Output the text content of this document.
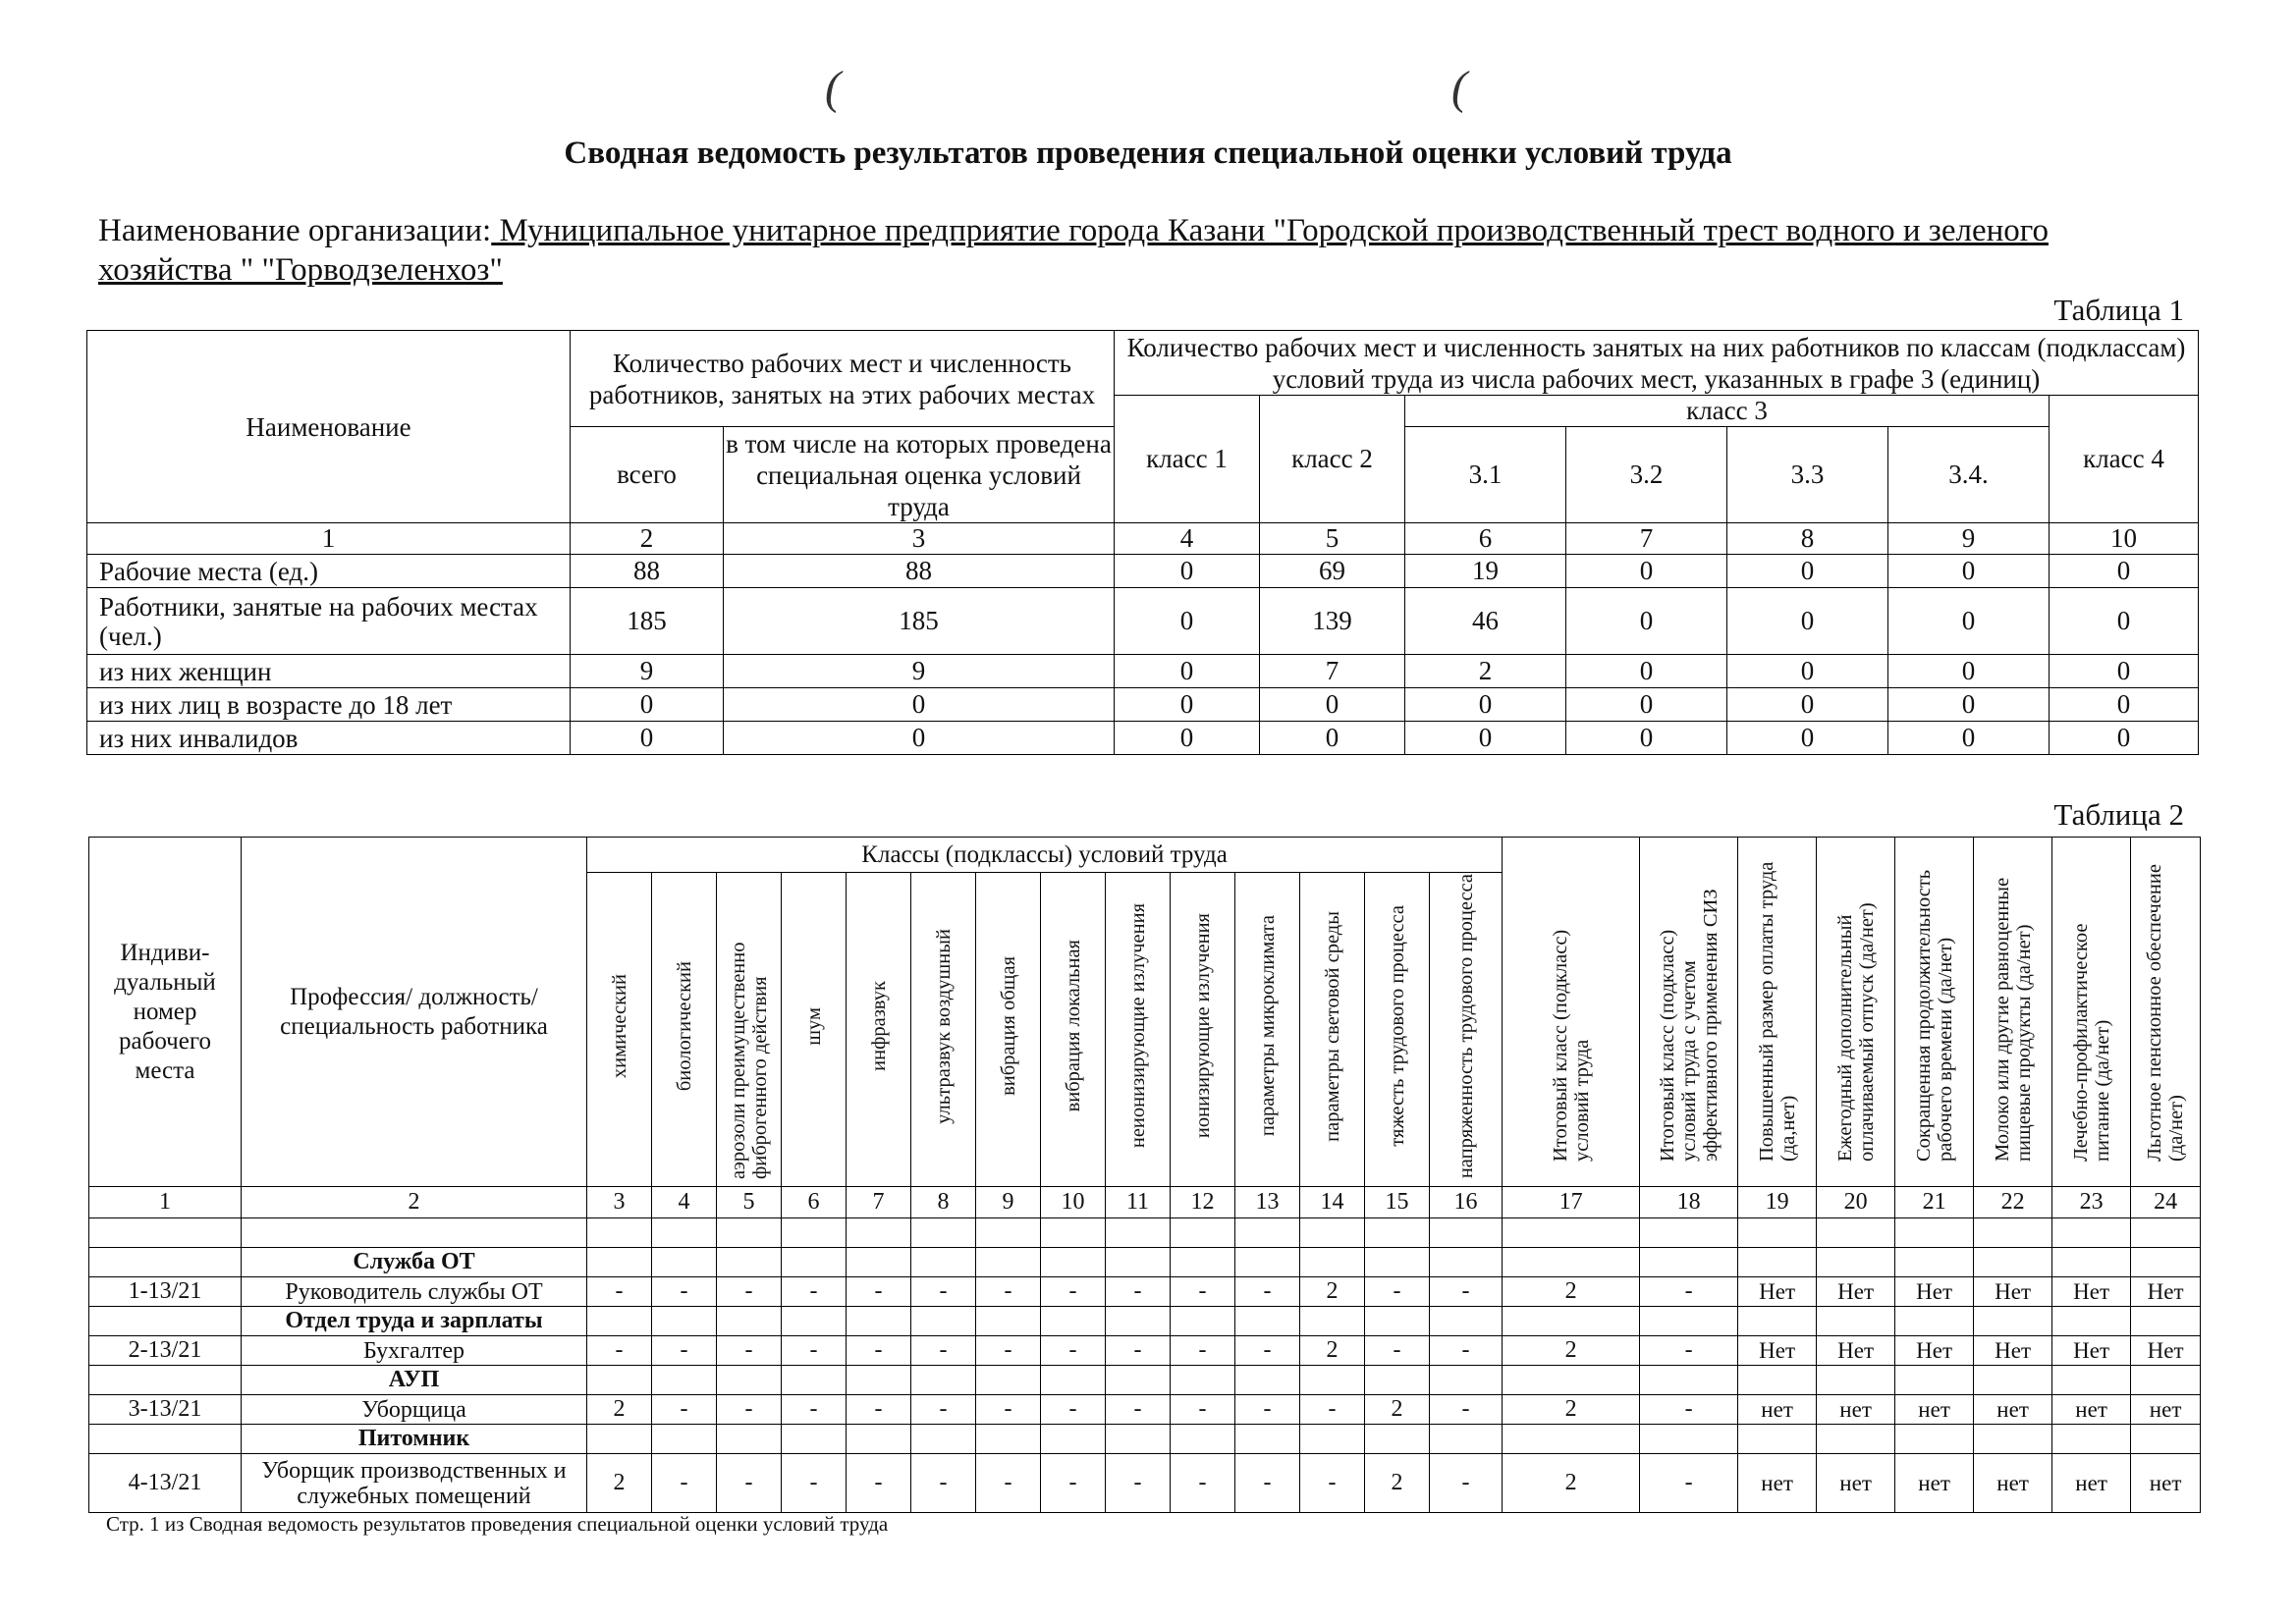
(	(
Сводная ведомость результатов проведения специальной оценки условий труда
Наименование организации: Муниципальное унитарное предприятие города Казани "Городской производственный трест водного и зеленого хозяйства " "Горводзеленхоз"
Таблица 1
Наименование	Количество рабочих мест и численность работников, занятых на этих рабочих местах		Количество рабочих мест и численность занятых на них работников по классам (подклассам) условий труда из числа рабочих мест, указанных в графе 3 (единиц)						
			класс 1	класс 2	класс 3				класс 4
	всего	в том числе на которых проведена специальная оценка условий труда			3.1	3.2	3.3	3.4.	
1	2	3	4	5	6	7	8	9	10
Рабочие места (ед.)	88	88	0	69	19	0	0	0	0
Работники, занятые на рабочих местах (чел.)	185	185	0	139	46	0	0	0	0
из них женщин	9	9	0	7	2	0	0	0	0
из них лиц в возрасте до 18 лет	0	0	0	0	0	0	0	0	0
из них инвалидов	0	0	0	0	0	0	0	0	0
Таблица 2
Индиви-дуальный номер рабочего места	Профессия/ должность/ специальность работника	Классы (подклассы) условий труда														Итоговый класс (подкласс) условий труда	Итоговый класс (подкласс) условий труда с учетом эффективного применения СИЗ	Повышенный размер оплаты труда (да,нет)	Ежегодный дополнительный оплачиваемый отпуск (да/нет)	Сокращенная продолжительность рабочего времени (да/нет)	Молоко или другие равноценные пищевые продукты (да/нет)	Лечебно-профилактическое питание (да/нет)	Льготное пенсионное обеспечение (да/нет)
		химический	биологический	аэрозоли преимущественно фиброгенного действия	шум	инфразвук	ультразвук воздушный	вибрация общая	вибрация локальная	неионизирующие излучения	ионизирующие излучения	параметры микроклимата	параметры световой среды	тяжесть трудового процесса	напряженность трудового процесса								
1	2	3	4	5	6	7	8	9	10	11	12	13	14	15	16	17	18	19	20	21	22	23	24

	Служба ОТ																						
1-13/21	Руководитель службы ОТ	-	-	-	-	-	-	-	-	-	-	-	2	-	-	2	-	Нет	Нет	Нет	Нет	Нет	Нет
	Отдел труда и зарплаты																						
2-13/21	Бухгалтер	-	-	-	-	-	-	-	-	-	-	-	2	-	-	2	-	Нет	Нет	Нет	Нет	Нет	Нет
	АУП																						
3-13/21	Уборщица	2	-	-	-	-	-	-	-	-	-	-	-	2	-	2	-	нет	нет	нет	нет	нет	нет
	Питомник																						
4-13/21	Уборщик производственных и служебных помещений	2	-	-	-	-	-	-	-	-	-	-	-	2	-	2	-	нет	нет	нет	нет	нет	нет
Стр. 1 из Сводная ведомость результатов проведения специальной оценки условий труда
